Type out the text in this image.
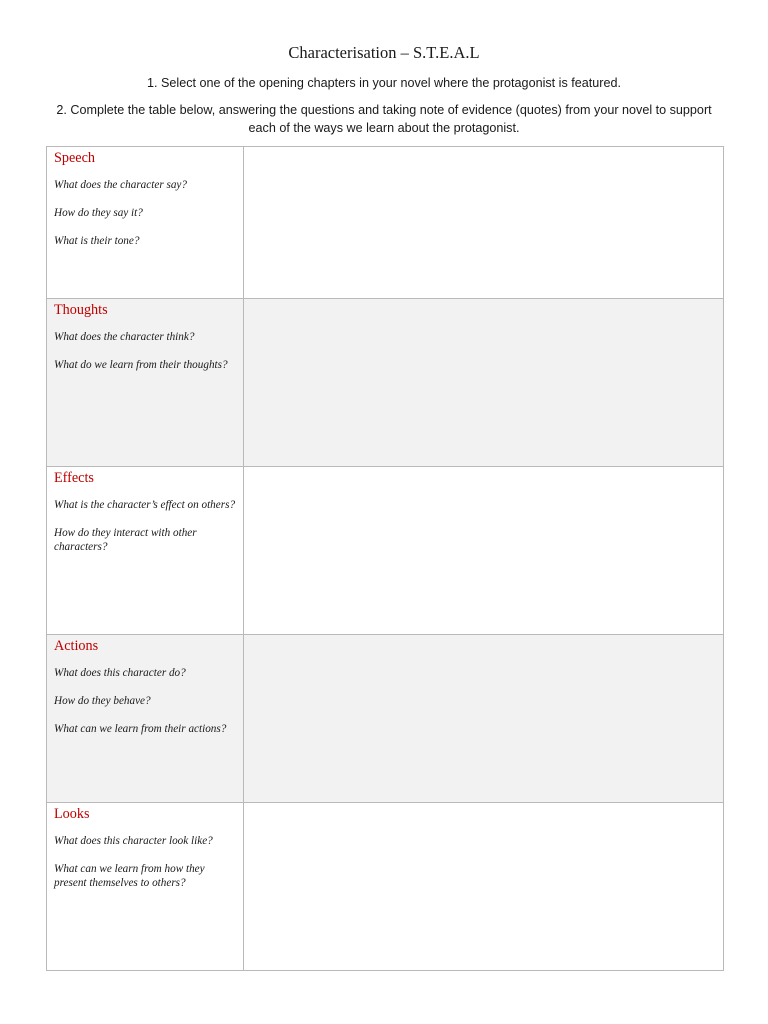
Characterisation – S.T.E.A.L
1. Select one of the opening chapters in your novel where the protagonist is featured.
2. Complete the table below, answering the questions and taking note of evidence (quotes) from your novel to support each of the ways we learn about the protagonist.
Speech
What does the character say?
How do they say it?
What is their tone?	

Thoughts
What does the character think?
What do we learn from their thoughts?	

Effects
What is the character’s effect on others?
How do they interact with other characters?	

Actions
What does this character do?
How do they behave?
What can we learn from their actions?	

Looks
What does this character look like?
What can we learn from how they present themselves to others?	
